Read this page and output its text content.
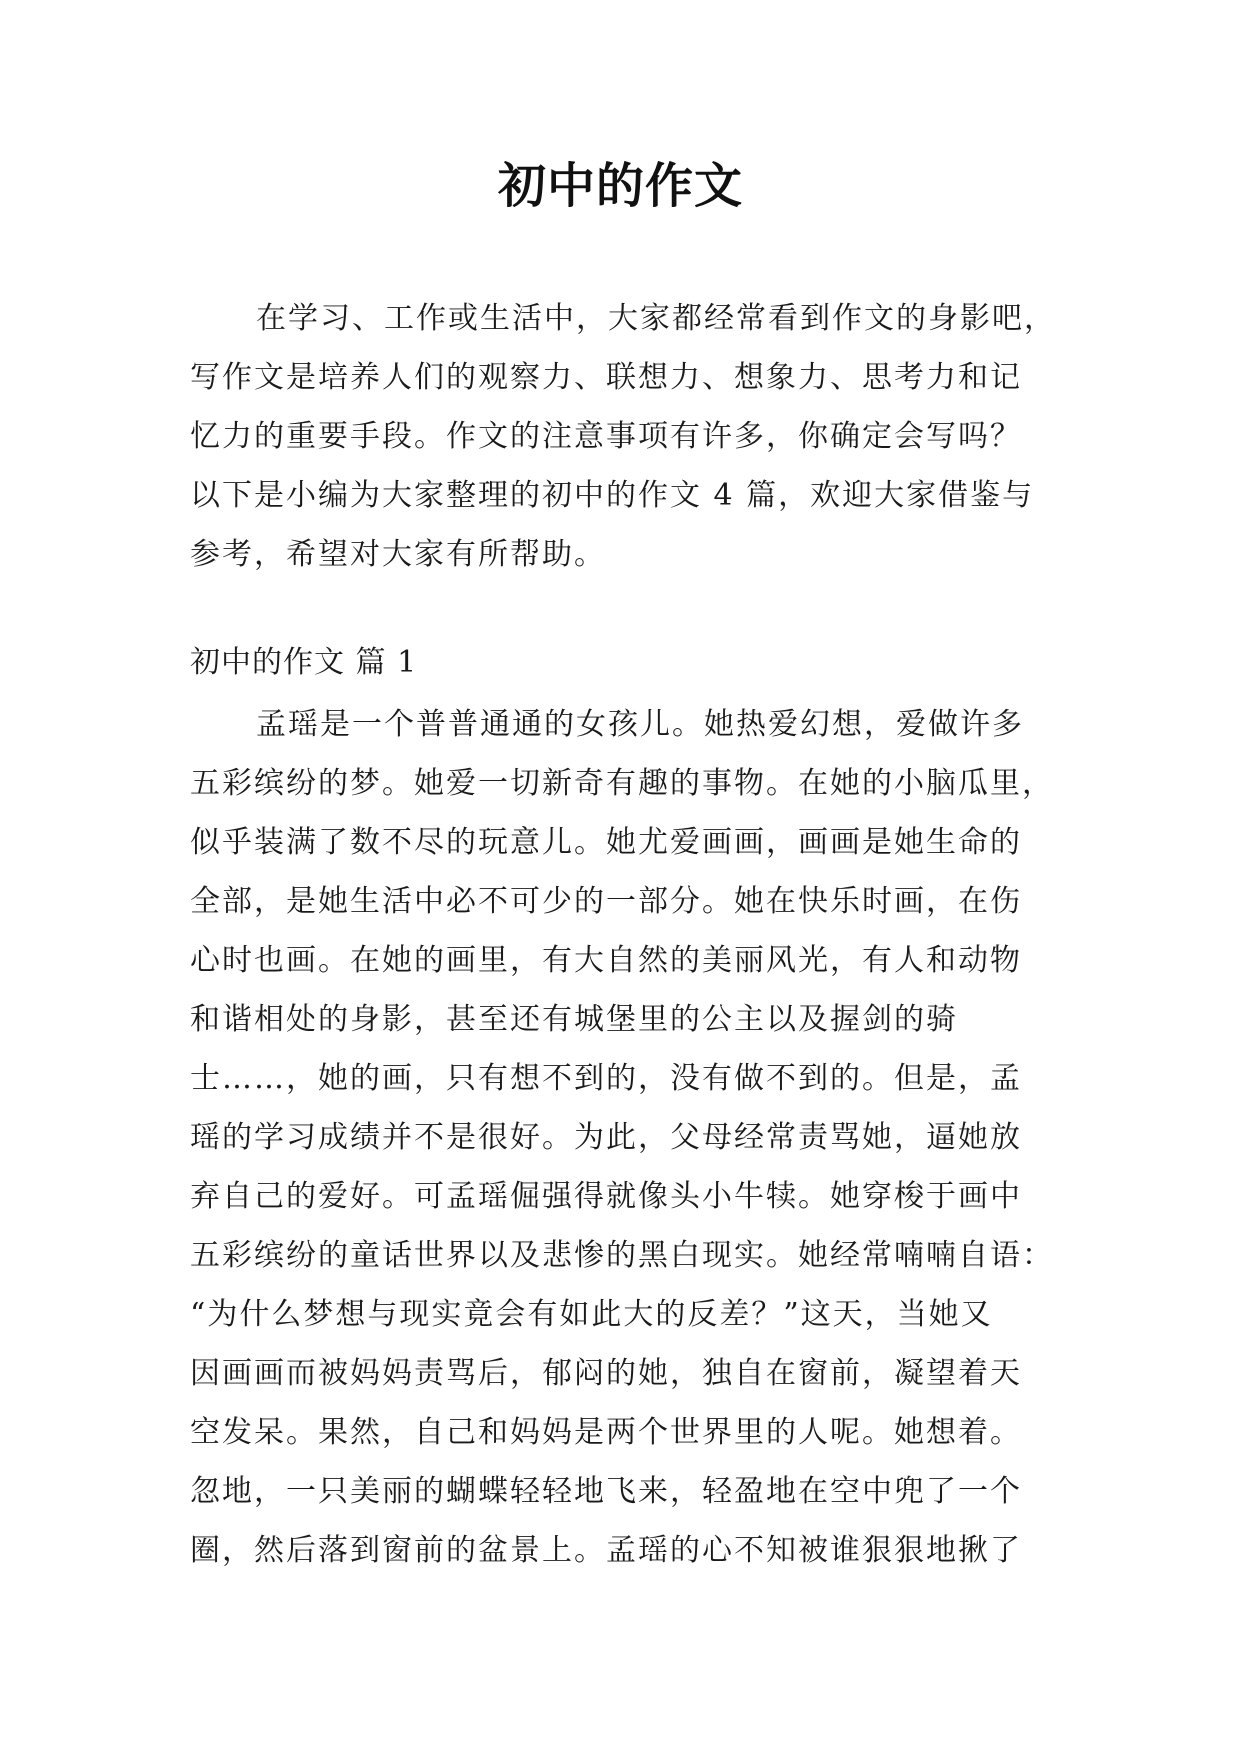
初中的作文
在学习、工作或生活中，大家都经常看到作文的身影吧，
写作文是培养人们的观察力、联想力、想象力、思考力和记
忆力的重要手段。作文的注意事项有许多，你确定会写吗？
以下是小编为大家整理的初中的作文 4 篇，欢迎大家借鉴与
参考，希望对大家有所帮助。
初中的作文 篇 1
孟瑶是一个普普通通的女孩儿。她热爱幻想，爱做许多
五彩缤纷的梦。她爱一切新奇有趣的事物。在她的小脑瓜里，
似乎装满了数不尽的玩意儿。她尤爱画画，画画是她生命的
全部，是她生活中必不可少的一部分。她在快乐时画，在伤
心时也画。在她的画里，有大自然的美丽风光，有人和动物
和谐相处的身影，甚至还有城堡里的公主以及握剑的骑
士……，她的画，只有想不到的，没有做不到的。但是，孟
瑶的学习成绩并不是很好。为此，父母经常责骂她，逼她放
弃自己的爱好。可孟瑶倔强得就像头小牛犊。她穿梭于画中
五彩缤纷的童话世界以及悲惨的黑白现实。她经常喃喃自语：
“为什么梦想与现实竟会有如此大的反差？”这天，当她又
因画画而被妈妈责骂后，郁闷的她，独自在窗前，凝望着天
空发呆。果然，自己和妈妈是两个世界里的人呢。她想着。
忽地，一只美丽的蝴蝶轻轻地飞来，轻盈地在空中兜了一个
圈，然后落到窗前的盆景上。孟瑶的心不知被谁狠狠地揪了
